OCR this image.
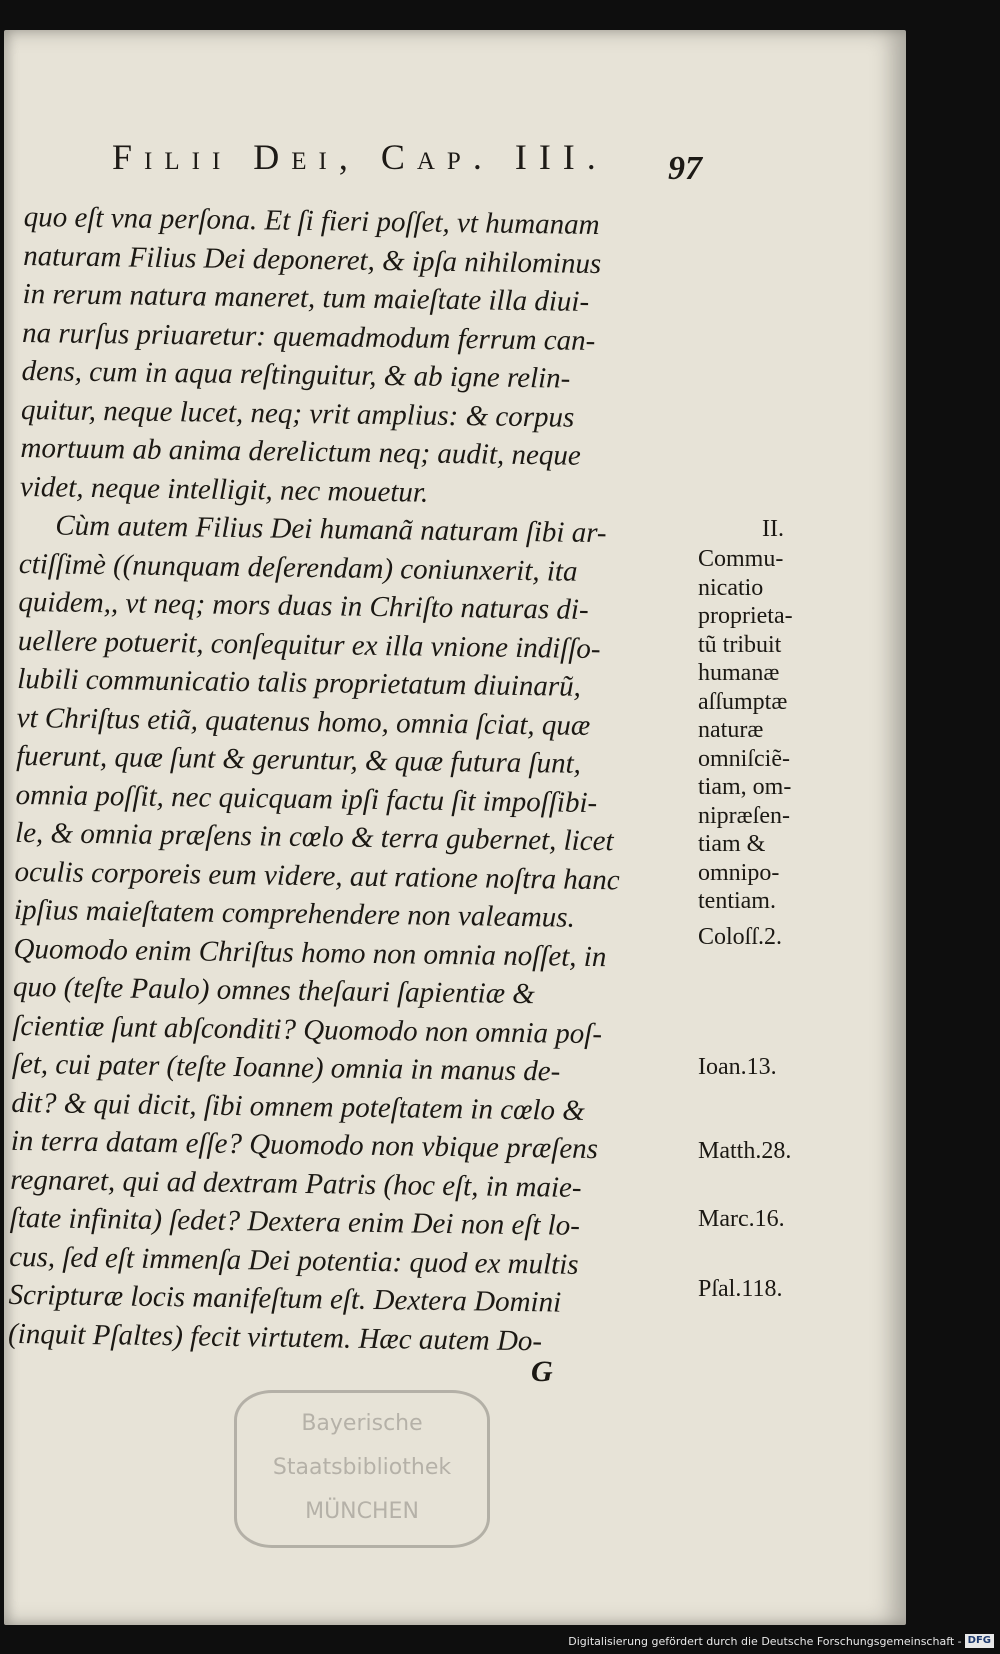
Filii Dei, Cap. III.	97
quo eſt vna perſona. Et ſi fieri poſſet, vt humanam
naturam Filius Dei deponeret, & ipſa nihilominus
in rerum natura maneret, tum maieſtate illa diui-
na rurſus priuaretur: quemadmodum ferrum can-
dens, cum in aqua reſtinguitur, & ab igne relin-
quitur, neque lucet, neq; vrit amplius: & corpus
mortuum ab anima derelictum neq; audit, neque
videt, neque intelligit, nec mouetur.
Cùm autem Filius Dei humanã naturam ſibi ar-
ctiſſimè ((nunquam deſerendam) coniunxerit, ita
quidem,, vt neq; mors duas in Chriſto naturas di-
uellere potuerit, conſequitur ex illa vnione indiſſo-
lubili communicatio talis proprietatum diuinarũ,
vt Chriſtus etiã, quatenus homo, omnia ſciat, quæ
fuerunt, quæ ſunt & geruntur, & quæ futura ſunt,
omnia poſſit, nec quicquam ipſi factu ſit impoſſibi-
le, & omnia præſens in cœlo & terra gubernet, licet
oculis corporeis eum videre, aut ratione noſtra hanc
ipſius maieſtatem comprehendere non valeamus.
Quomodo enim Chriſtus homo non omnia noſſet, in
quo (teſte Paulo) omnes theſauri ſapientiæ &
ſcientiæ ſunt abſconditi? Quomodo non omnia poſ-
ſet, cui pater (teſte Ioanne) omnia in manus de-
dit? & qui dicit, ſibi omnem poteſtatem in cœlo &
in terra datam eſſe? Quomodo non vbique præſens
regnaret, qui ad dextram Patris (hoc eſt, in maie-
ſtate infinita) ſedet? Dextera enim Dei non eſt lo-
cus, ſed eſt immenſa Dei potentia: quod ex multis
Scripturæ locis manifeſtum eſt. Dextera Domini
(inquit Pſaltes) fecit virtutem. Hæc autem Do-
II.
Commu-
nicatio
proprieta-
tũ tribuit
humanæ
aſſumptæ
naturæ
omniſciẽ-
tiam, om-
nipræſen-
tiam &
omnipo-
tentiam.
Coloſſ.2.
Ioan.13.
Matth.28.
Marc.16.
Pſal.118.
G
Bayerische
Staatsbibliothek
MÜNCHEN
Digitalisierung gefördert durch die Deutsche Forschungsgemeinschaft - DFG
